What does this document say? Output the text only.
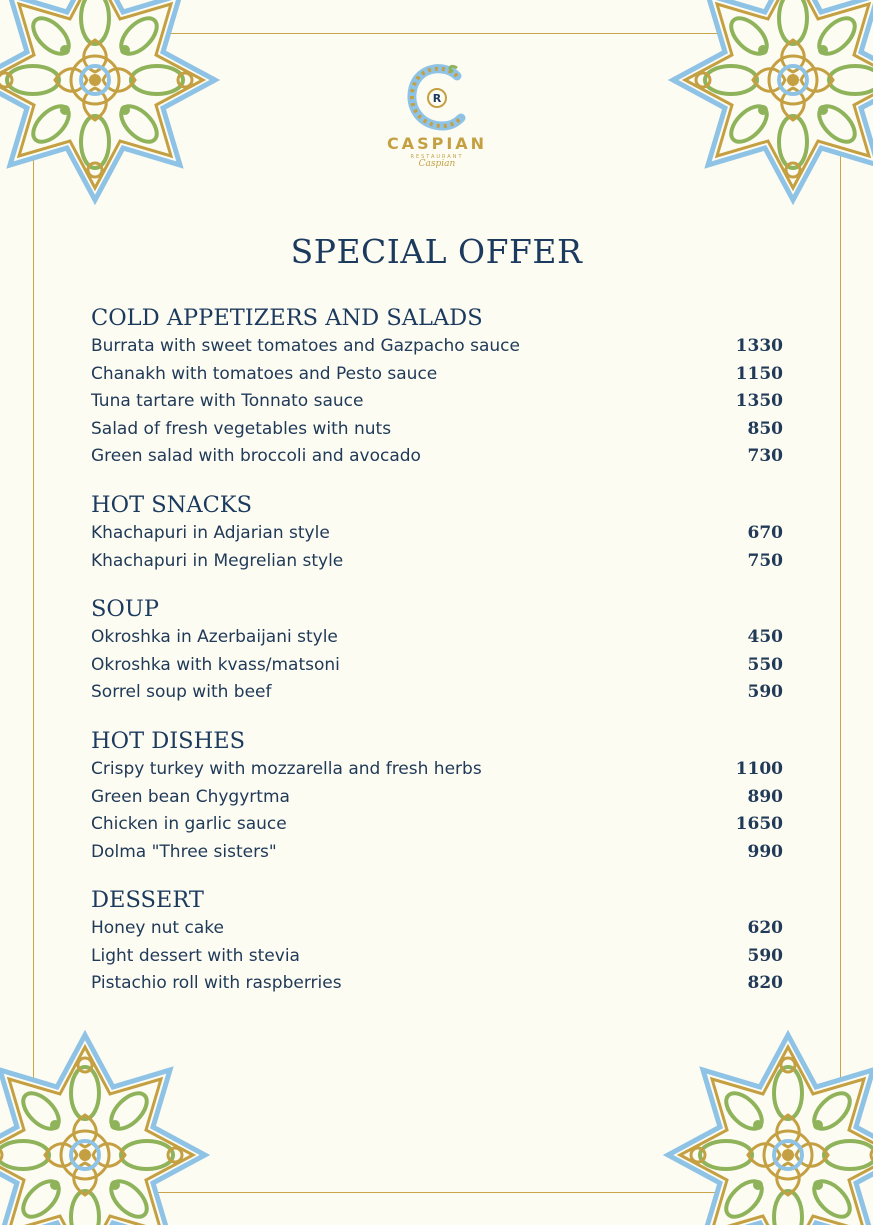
R
CASPIAN
RESTAURANT
Caspian
SPECIAL OFFER
COLD APPETIZERS AND SALADS
Burrata with sweet tomatoes and Gazpacho sauce	1330
Chanakh with tomatoes and Pesto sauce	1150
Tuna tartare with Tonnato sauce	1350
Salad of fresh vegetables with nuts	850
Green salad with broccoli and avocado	730
HOT SNACKS
Khachapuri in Adjarian style	670
Khachapuri in Megrelian style	750
SOUP
Okroshka in Azerbaijani style	450
Okroshka with kvass/matsoni	550
Sorrel soup with beef	590
HOT DISHES
Crispy turkey with mozzarella and fresh herbs	1100
Green bean Chygyrtma	890
Chicken in garlic sauce	1650
Dolma "Three sisters"	990
DESSERT
Honey nut cake	620
Light dessert with stevia	590
Pistachio roll with raspberries	820
